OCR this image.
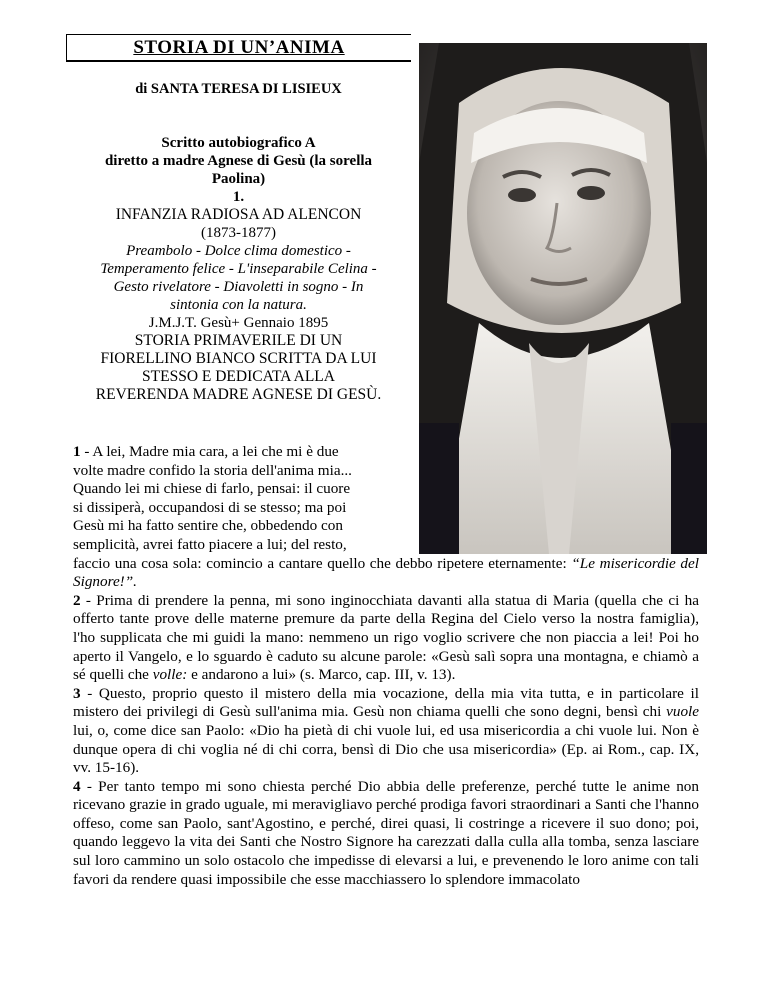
STORIA DI UN’ANIMA
di SANTA TERESA DI LISIEUX
Scritto autobiografico A
diretto a madre Agnese di Gesù (la sorella
Paolina)
1.
INFANZIA RADIOSA AD ALENCON
(1873-1877)
Preambolo - Dolce clima domestico -
Temperamento felice - L'inseparabile Celina -
Gesto rivelatore - Diavoletti in sogno - In
sintonia con la natura.
J.M.J.T. Gesù+ Gennaio 1895
STORIA PRIMAVERILE DI UN
FIORELLINO BIANCO SCRITTA DA LUI
STESSO E DEDICATA ALLA
REVERENDA MADRE AGNESE DI GESÙ.

1 - A lei, Madre mia cara, a lei che mi è due
volte madre confido la storia dell'anima mia...
Quando lei mi chiese di farlo, pensai: il cuore
si dissiperà, occupandosi di se stesso; ma poi
Gesù mi ha fatto sentire che, obbedendo con
semplicità, avrei fatto piacere a lui; del resto,

faccio una cosa sola: comincio a cantare quello che debbo ripetere eternamente: “Le misericordie del Signore!”.

2 - Prima di prendere la penna, mi sono inginocchiata davanti alla statua di Maria (quella che ci ha offerto tante prove delle materne premure da parte della Regina del Cielo verso la nostra famiglia), l'ho supplicata che mi guidi la mano: nemmeno un rigo voglio scrivere che non piaccia a lei! Poi ho aperto il Vangelo, e lo sguardo è caduto su alcune parole: «Gesù salì sopra una montagna, e chiamò a sé quelli che volle: e andarono a lui» (s. Marco, cap. III, v. 13).

3 - Questo, proprio questo il mistero della mia vocazione, della mia vita tutta, e in particolare il mistero dei privilegi di Gesù sull'anima mia. Gesù non chiama quelli che sono degni, bensì chi vuole lui, o, come dice san Paolo: «Dio ha pietà di chi vuole lui, ed usa misericordia a chi vuole lui. Non è dunque opera di chi voglia né di chi corra, bensì di Dio che usa misericordia» (Ep. ai Rom., cap. IX, vv. 15-16).

4 - Per tanto tempo mi sono chiesta perché Dio abbia delle preferenze, perché tutte le anime non ricevano grazie in grado uguale, mi meravigliavo perché prodiga favori straordinari a Santi che l'hanno offeso, come san Paolo, sant'Agostino, e perché, direi quasi, li costringe a ricevere il suo dono; poi, quando leggevo la vita dei Santi che Nostro Signore ha carezzati dalla culla alla tomba, senza lasciare sul loro cammino un solo ostacolo che impedisse di elevarsi a lui, e prevenendo le loro anime con tali favori da rendere quasi impossibile che esse macchiassero lo splendore immacolato
